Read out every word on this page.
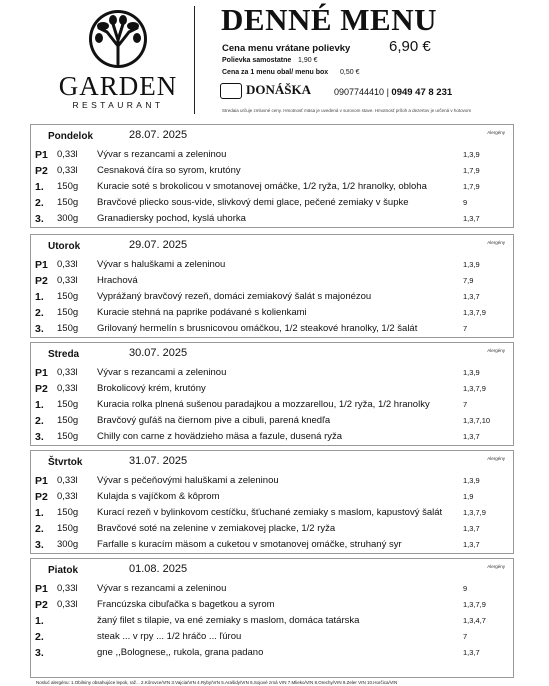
GARDEN
RESTAURANT
DENNÉ MENU
Cena menu vrátane polievky	6,90 €
Polievka samostatne 1,90 €
Cena za 1 menu obal/ menu box 0,50 €
DONÁŠKA	0907744410 | 0949 47 8 231
Stredaia určuje zmluvné ceny. Hmotnosť mäsa je uvedená v surovom stave. Hmotnosť príloh a dezertov je určená v hotovom
Pondelok	28.07. 2025	Alergény
P1 0,33l Vývar s rezancami a zeleninou	1,3,9
P2 0,33l Cesnaková číra so syrom, krutóny	1,7,9
1. 150g Kuracie soté s brokolicou v smotanovej omáčke, 1/2 ryža, 1/2 hranolky, obloha	1,7,9
2. 150g Bravčové pliecko sous-vide, slivkový demi glace, pečené zemiaky v šupke	9
3. 300g Granadiersky pochod, kyslá uhorka	1,3,7
Utorok	29.07. 2025	Alergény
P1 0,33l Vývar s haluškami a zeleninou	1,3,9
P2 0,33l Hrachová	7,9
1. 150g Vyprážaný bravčový rezeň, domáci zemiakový šalát s majonézou	1,3,7
2. 150g Kuracie stehná na paprike podávané s kolienkami	1,3,7,9
3. 150g Grilovaný hermelín s brusnicovou omáčkou, 1/2 steakové hranolky, 1/2 šalát	7
Streda	30.07. 2025	Alergény
P1 0,33l Vývar s rezancami a zeleninou	1,3,9
P2 0,33l Brokolicový krém, krutóny	1,3,7,9
1. 150g Kuracia rolka plnená sušenou paradajkou a mozzarellou, 1/2 ryža, 1/2 hranolky	7
2. 150g Bravčový guľáš na čiernom pive a cibuli, parená knedľa	1,3,7,10
3. 150g Chilly con carne z hovädzieho mäsa a fazule, dusená ryža	1,3,7
Štvrtok	31.07. 2025	Alergény
P1 0,33l Vývar s pečeňovými haluškami a zeleninou	1,3,9
P2 0,33l Kulajda s vajíčkom & kôprom	1,9
1. 150g Kurací rezeň v bylinkovom cestíčku, šťuchané zemiaky s maslom, kapustový šalát	1,3,7,9
2. 150g Bravčové soté na zelenine v zemiakovej placke, 1/2 ryža	1,3,7
3. 300g Farfalle s kuracím mäsom a cuketou v smotanovej omáčke, struhaný syr	1,3,7
Piatok	01.08. 2025	Alergény
P1 0,33l Vývar s rezancami a zeleninou	9
P2 0,33l Francúzska cibuľačka s bagetkou a syrom	1,3,7,9
1.	žaný filet s tilapie, va ené zemiaky s maslom, domáca tatárska	1,3,4,7
2.	steak ... v rpy ... 1/2 hráčo ... ľúrou	7
3.	gne ,,Bolognese,, rukola, grana padano	1,3,7
Nosluć alergénu: 1.Obilniny obsahujúce lepok, raž... 2.Kôrovce/VrN 3.Vajcia/VrN 4.Ryby/VrN 5.Arašidy/VrN 6.Sojové zrná VrN 7.Mlieko/VrN 8.Orechy/VrN 9.Zeler VrN 10.Horčica/VrN
